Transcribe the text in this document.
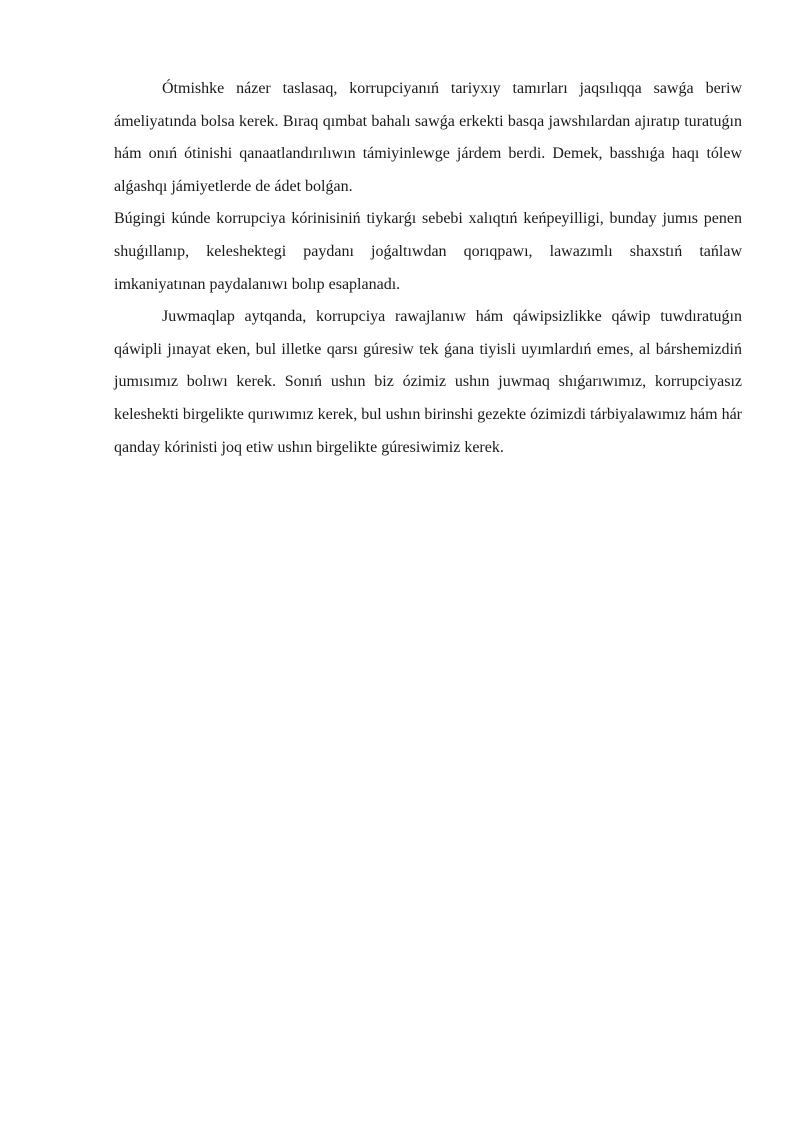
Ótmishke názer taslasaq, korrupciyanıń tariyxıy tamırları jaqsılıqqa sawǵa beriw ámeliyatında bolsa kerek. Bıraq qımbat bahalı sawǵa erkekti basqa jawshılardan ajıratıp turatuǵın hám onıń ótinishi qanaatlandırılıwın támiyinlewge járdem berdi. Demek, basshıǵa haqı tólew alǵashqı jámiyetlerde de ádet bolǵan.

Búgingi kúnde korrupciya kórinisiniń tiykarǵı sebebi xalıqtıń keńpeyilligi, bunday jumıs penen shuǵıllanıp, keleshektegi paydanı joǵaltıwdan qorıqpawı, lawazımlı shaxstıń tańlaw imkaniyatınan paydalanıwı bolıp esaplanadı.

Juwmaqlap aytqanda, korrupciya rawajlanıw hám qáwipsizlikke qáwip tuwdıratuǵın qáwipli jınayat eken, bul illetke qarsı gúresiw tek ǵana tiyisli uyımlardıń emes, al bárshemizdiń jumısımız bolıwı kerek. Sonıń ushın biz ózimiz ushın juwmaq shıǵarıwımız, korrupciyasız keleshekti birgelikte qurıwımız kerek, bul ushın birinshi gezekte ózimizdi tárbiyalawımız hám hár qanday kórinisti joq etiw ushın birgelikte gúresiwimiz kerek.
